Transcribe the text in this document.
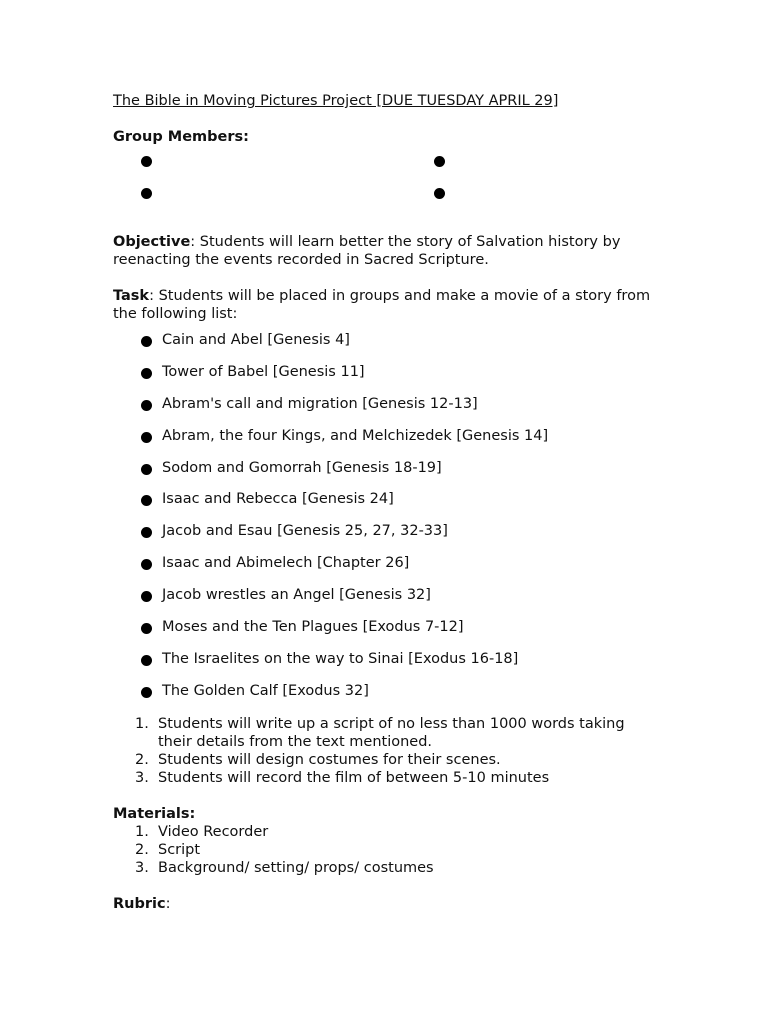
The Bible in Moving Pictures Project [DUE TUESDAY APRIL 29]

Group Members:

Objective: Students will learn better the story of Salvation history by reenacting the events recorded in Sacred Scripture.

Task: Students will be placed in groups and make a movie of a story from the following list:

Cain and Abel [Genesis 4]
Tower of Babel [Genesis 11]
Abram's call and migration [Genesis 12-13]
Abram, the four Kings, and Melchizedek [Genesis 14]
Sodom and Gomorrah [Genesis 18-19]
Isaac and Rebecca [Genesis 24]
Jacob and Esau [Genesis 25, 27, 32-33]
Isaac and Abimelech [Chapter 26]
Jacob wrestles an Angel [Genesis 32]
Moses and the Ten Plagues [Exodus 7-12]
The Israelites on the way to Sinai [Exodus 16-18]
The Golden Calf [Exodus 32]
1. Students will write up a script of no less than 1000 words taking their details from the text mentioned.
2. Students will design costumes for their scenes.
3. Students will record the film of between 5-10 minutes
Materials:
1. Video Recorder
2. Script
3. Background/ setting/ props/ costumes
Rubric:
